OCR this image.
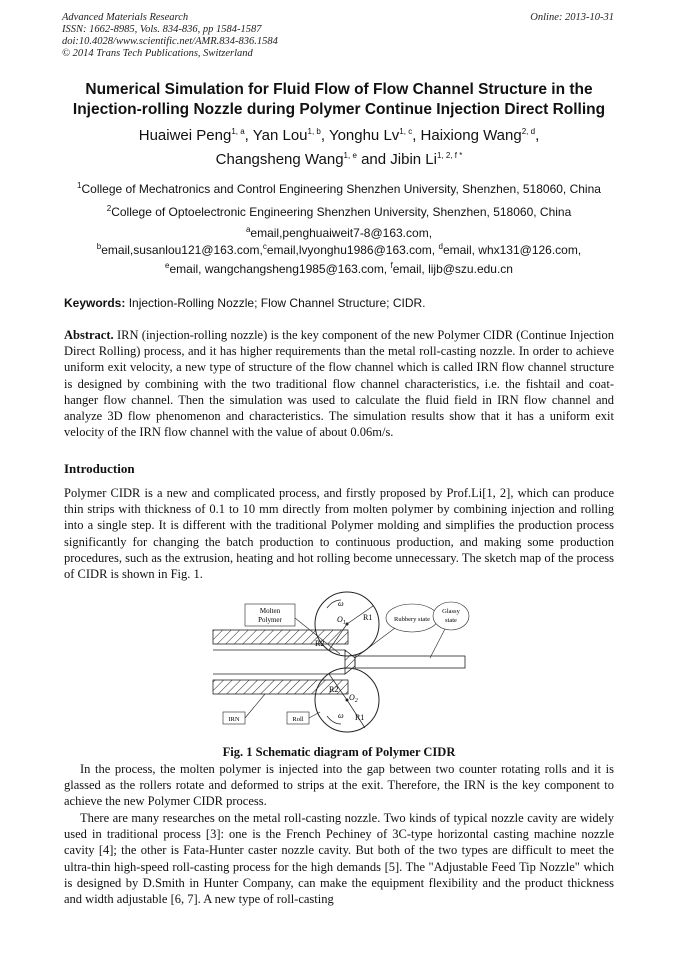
Advanced Materials Research
ISSN: 1662-8985, Vols. 834-836, pp 1584-1587
doi:10.4028/www.scientific.net/AMR.834-836.1584
© 2014 Trans Tech Publications, Switzerland
Online: 2013-10-31
Numerical Simulation for Fluid Flow of Flow Channel Structure in the
Injection-rolling Nozzle during Polymer Continue Injection Direct Rolling
Huaiwei Peng$^{1, a}$, Yan Lou$^{1, b}$, Yonghu Lv$^{1, c}$, Haixiong Wang$^{2, d}$,
Changsheng Wang$^{1, e}$ and Jibin $Li^{1, 2, f *}$
$^1$College of Mechatronics and Control Engineering Shenzhen University, Shenzhen, 518060, China
$^2$College of Optoelectronic Engineering Shenzhen University, Shenzhen, 518060, China
$^a$email,penghuaiweit7-8@163.com,
$^b$email,susanlou121@163.com,$^c$email,lvyonghu1986@163.com, $^d$email, whx131@126.com,
$^e$email, wangchangsheng1985@163.com, $^f$email, lijb@szu.edu.cn
Keywords: Injection-Rolling Nozzle; Flow Channel Structure; CIDR.
Abstract. IRN (injection-rolling nozzle) is the key component of the new Polymer CIDR (Continue Injection Direct Rolling) process, and it has higher requirements than the metal roll-casting nozzle. In order to achieve uniform exit velocity, a new type of structure of the flow channel which is called IRN flow channel structure is designed by combining with the two traditional flow channel characteristics, i.e. the fishtail and coat-hanger flow channel. Then the simulation was used to calculate the fluid field in IRN flow channel and analyze 3D flow phenomenon and characteristics. The simulation results show that it has a uniform exit velocity of the IRN flow channel with the value of about 0.06m/s.
Introduction
Polymer CIDR is a new and complicated process, and firstly proposed by Prof.Li[1, 2], which can produce thin strips with thickness of 0.1 to 10 mm directly from molten polymer by combining injection and rolling into a single step. It is different with the traditional Polymer molding and simplifies the production process significantly for changing the batch production to continuous production, and making some production procedures, such as the extrusion, heating and hot rolling become unnecessary. The sketch map of the process of CIDR is shown in Fig. 1.
Molten
Polymer	Rubbery state
Glassy
state
ω
$O_1$
R1
R2
R2
$O_2$
ω R1
IRN	Roll
Fig. 1 Schematic diagram of Polymer CIDR
In the process, the molten polymer is injected into the gap between two counter rotating rolls and it is glassed as the rollers rotate and deformed to strips at the exit. Therefore, the IRN is the key component to achieve the new Polymer CIDR process.
There are many researches on the metal roll-casting nozzle. Two kinds of typical nozzle cavity are widely used in traditional process [3]: one is the French Pechiney of 3C-type horizontal casting machine nozzle cavity [4]; the other is Fata-Hunter caster nozzle cavity. But both of the two types are difficult to meet the ultra-thin high-speed roll-casting process for the high demands [5]. The "Adjustable Feed Tip Nozzle" which is designed by D.Smith in Hunter Company, can make the equipment flexibility and the product thickness and width adjustable [6, 7]. A new type of roll-casting
